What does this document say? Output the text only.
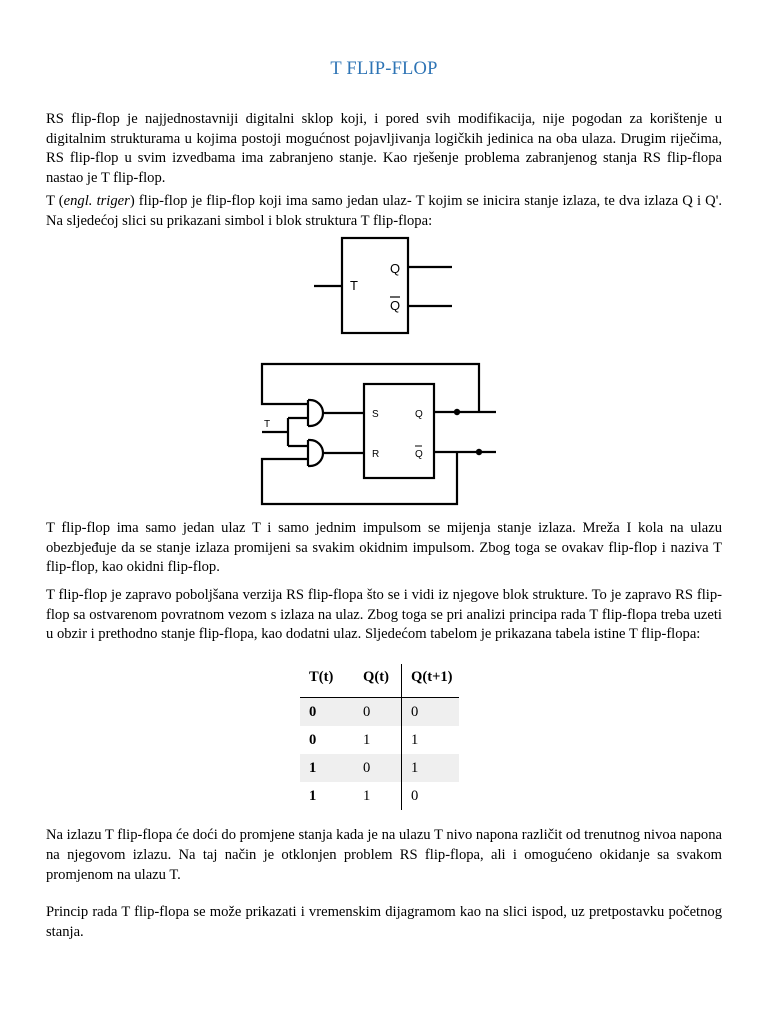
T FLIP-FLOP

RS flip-flop je najjednostavniji digitalni sklop koji, i pored svih modifikacija, nije pogodan za korištenje u digitalnim strukturama u kojima postoji mogućnost pojavljivanja logičkih jedinica na oba ulaza. Drugim riječima, RS flip-flop u svim izvedbama ima zabranjeno stanje. Kao rješenje problema zabranjenog stanja RS flip-flopa nastao je T flip-flop.

T (engl. triger) flip-flop je flip-flop koji ima samo jedan ulaz- T kojim se inicira stanje izlaza, te dva izlaza Q i Q'. Na sljedećoj slici su prikazani simbol i blok struktura T flip-flopa:

T
Q
Q
T
S
R
Q
Q

T flip-flop ima samo jedan ulaz T i samo jednim impulsom se mijenja stanje izlaza. Mreža I kola na ulazu obezbjeđuje da se stanje izlaza promijeni sa svakim okidnim impulsom. Zbog toga se ovakav flip-flop i naziva T flip-flop, kao okidni flip-flop.

T flip-flop je zapravo poboljšana verzija RS flip-flopa što se i vidi iz njegove blok strukture. To je zapravo RS flip-flop sa ostvarenom povratnom vezom s izlaza na ulaz. Zbog toga se pri analizi principa rada T flip-flopa treba uzeti u obzir i prethodno stanje flip-flopa, kao dodatni ulaz. Sljedećom tabelom je prikazana tabela istine T flip-flopa:

T(t)	Q(t)	Q(t+1)
0	0	0
0	1	1
1	0	1
1	1	0

Na izlazu T flip-flopa će doći do promjene stanja kada je na ulazu T nivo napona različit od trenutnog nivoa napona na njegovom izlazu. Na taj način je otklonjen problem RS flip-flopa, ali i omogućeno okidanje sa svakom promjenom na ulazu T.

Princip rada T flip-flopa se može prikazati i vremenskim dijagramom kao na slici ispod, uz pretpostavku početnog stanja.
